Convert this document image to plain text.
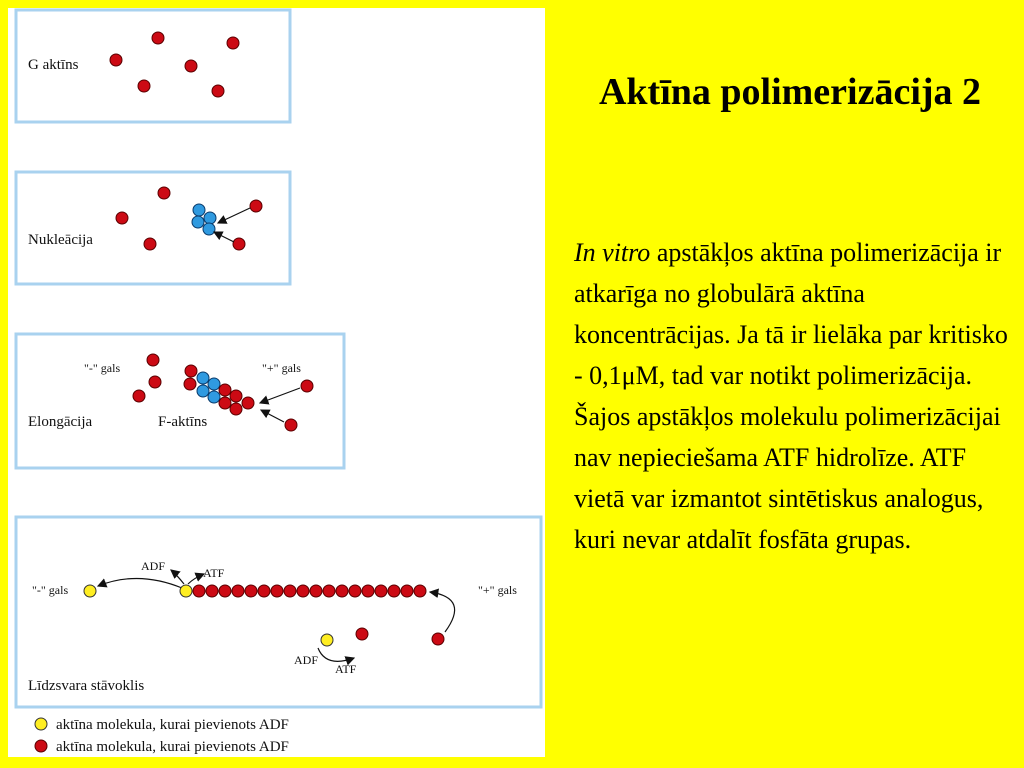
G aktīns
Nukleācija
"-" gals	"+" gals
Elongācija	F-aktīns
"-" gals	"+" gals
ADF	ATF
ADF
ATF
Līdzsvara stāvoklis
aktīna molekula, kurai pievienots ADF
aktīna molekula, kurai pievienots ADF
Aktīna polimerizācija 2
In vitro apstākļos aktīna polimerizācija ir atkarīga no globulārā aktīna koncentrācijas. Ja tā ir lielāka par kritisko - 0,1μM, tad var notikt polimerizācija. Šajos apstākļos molekulu polimerizācijai nav nepieciešama ATF hidrolīze. ATF vietā var izmantot sintētiskus analogus, kuri nevar atdalīt fosfāta grupas.
